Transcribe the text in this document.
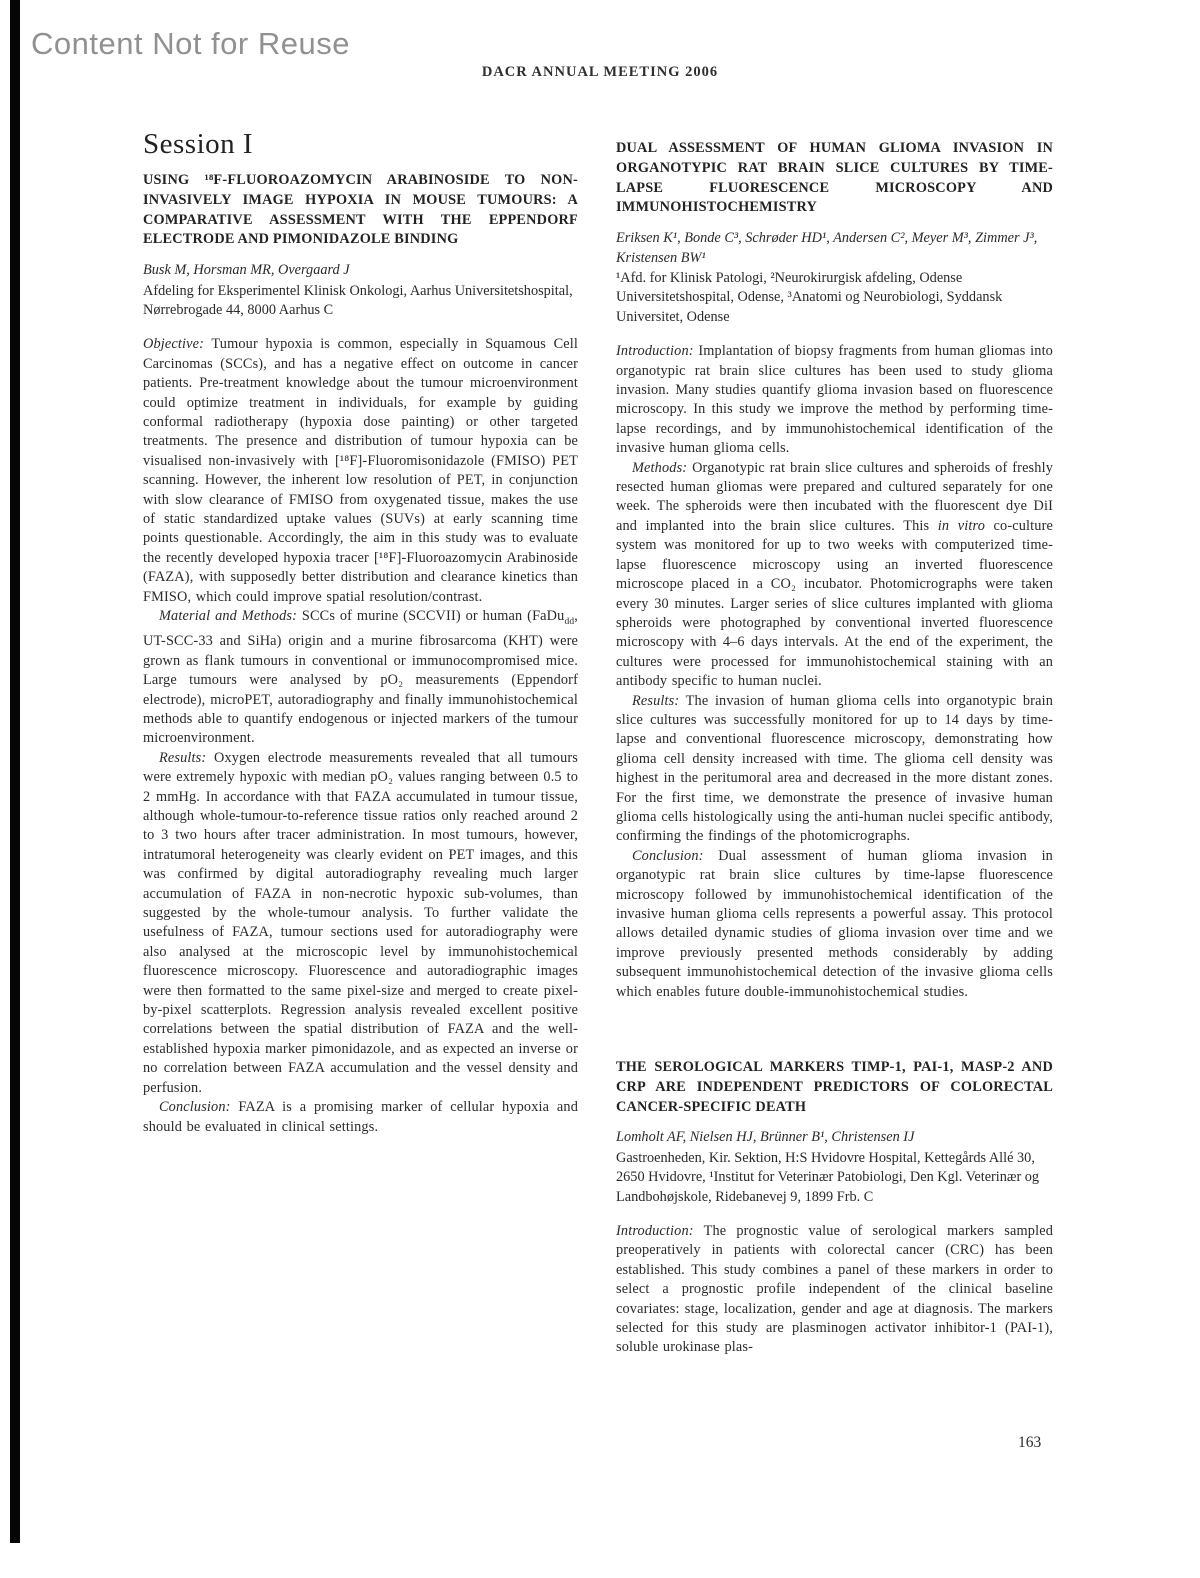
Content Not for Reuse
DACR ANNUAL MEETING 2006
Session I
USING ¹⁸F-FLUOROAZOMYCIN ARABINOSIDE TO NON-INVASIVELY IMAGE HYPOXIA IN MOUSE TUMOURS: A COMPARATIVE ASSESSMENT WITH THE EPPENDORF ELECTRODE AND PIMONIDAZOLE BINDING

Busk M, Horsman MR, Overgaard J

Afdeling for Eksperimentel Klinisk Onkologi, Aarhus Universitetshospital, Nørrebrogade 44, 8000 Aarhus C

Objective: Tumour hypoxia is common, especially in Squamous Cell Carcinomas (SCCs), and has a negative effect on outcome in cancer patients. Pre-treatment knowledge about the tumour microenvironment could optimize treatment in individuals, for example by guiding conformal radiotherapy (hypoxia dose painting) or other targeted treatments. The presence and distribution of tumour hypoxia can be visualised non-invasively with [¹⁸F]-Fluoromisonidazole (FMISO) PET scanning. However, the inherent low resolution of PET, in conjunction with slow clearance of FMISO from oxygenated tissue, makes the use of static standardized uptake values (SUVs) at early scanning time points questionable. Accordingly, the aim in this study was to evaluate the recently developed hypoxia tracer [¹⁸F]-Fluoroazomycin Arabinoside (FAZA), with supposedly better distribution and clearance kinetics than FMISO, which could improve spatial resolution/contrast.

Material and Methods: SCCs of murine (SCCVII) or human (FaDu$_{dd}$, UT-SCC-33 and SiHa) origin and a murine fibrosarcoma (KHT) were grown as flank tumours in conventional or immunocompromised mice. Large tumours were analysed by pO₂ measurements (Eppendorf electrode), microPET, autoradiography and finally immunohistochemical methods able to quantify endogenous or injected markers of the tumour microenvironment.

Results: Oxygen electrode measurements revealed that all tumours were extremely hypoxic with median pO₂ values ranging between 0.5 to 2 mmHg. In accordance with that FAZA accumulated in tumour tissue, although whole-tumour-to-reference tissue ratios only reached around 2 to 3 two hours after tracer administration. In most tumours, however, intratumoral heterogeneity was clearly evident on PET images, and this was confirmed by digital autoradiography revealing much larger accumulation of FAZA in non-necrotic hypoxic sub-volumes, than suggested by the whole-tumour analysis. To further validate the usefulness of FAZA, tumour sections used for autoradiography were also analysed at the microscopic level by immunohistochemical fluorescence microscopy. Fluorescence and autoradiographic images were then formatted to the same pixel-size and merged to create pixel-by-pixel scatterplots. Regression analysis revealed excellent positive correlations between the spatial distribution of FAZA and the well-established hypoxia marker pimonidazole, and as expected an inverse or no correlation between FAZA accumulation and the vessel density and perfusion.

Conclusion: FAZA is a promising marker of cellular hypoxia and should be evaluated in clinical settings.

DUAL ASSESSMENT OF HUMAN GLIOMA INVASION IN ORGANOTYPIC RAT BRAIN SLICE CULTURES BY TIME-LAPSE FLUORESCENCE MICROSCOPY AND IMMUNOHISTOCHEMISTRY

Eriksen K¹, Bonde C³, Schrøder HD¹, Andersen C², Meyer M³, Zimmer J³, Kristensen BW¹

¹Afd. for Klinisk Patologi, ²Neurokirurgisk afdeling, Odense Universitetshospital, Odense, ³Anatomi og Neurobiologi, Syddansk Universitet, Odense

Introduction: Implantation of biopsy fragments from human gliomas into organotypic rat brain slice cultures has been used to study glioma invasion. Many studies quantify glioma invasion based on fluorescence microscopy. In this study we improve the method by performing time-lapse recordings, and by immunohistochemical identification of the invasive human glioma cells.

Methods: Organotypic rat brain slice cultures and spheroids of freshly resected human gliomas were prepared and cultured separately for one week. The spheroids were then incubated with the fluorescent dye DiI and implanted into the brain slice cultures. This in vitro co-culture system was monitored for up to two weeks with computerized time-lapse fluorescence microscopy using an inverted fluorescence microscope placed in a CO₂ incubator. Photomicrographs were taken every 30 minutes. Larger series of slice cultures implanted with glioma spheroids were photographed by conventional inverted fluorescence microscopy with 4–6 days intervals. At the end of the experiment, the cultures were processed for immunohistochemical staining with an antibody specific to human nuclei.

Results: The invasion of human glioma cells into organotypic brain slice cultures was successfully monitored for up to 14 days by time-lapse and conventional fluorescence microscopy, demonstrating how glioma cell density increased with time. The glioma cell density was highest in the peritumoral area and decreased in the more distant zones. For the first time, we demonstrate the presence of invasive human glioma cells histologically using the anti-human nuclei specific antibody, confirming the findings of the photomicrographs.

Conclusion: Dual assessment of human glioma invasion in organotypic rat brain slice cultures by time-lapse fluorescence microscopy followed by immunohistochemical identification of the invasive human glioma cells represents a powerful assay. This protocol allows detailed dynamic studies of glioma invasion over time and we improve previously presented methods considerably by adding subsequent immunohistochemical detection of the invasive glioma cells which enables future double-immunohistochemical studies.

THE SEROLOGICAL MARKERS TIMP-1, PAI-1, MASP-2 AND CRP ARE INDEPENDENT PREDICTORS OF COLORECTAL CANCER-SPECIFIC DEATH

Lomholt AF, Nielsen HJ, Brünner B¹, Christensen IJ

Gastroenheden, Kir. Sektion, H:S Hvidovre Hospital, Kettegårds Allé 30, 2650 Hvidovre, ¹Institut for Veterinær Patobiologi, Den Kgl. Veterinær og Landbohøjskole, Ridebanevej 9, 1899 Frb. C

Introduction: The prognostic value of serological markers sampled preoperatively in patients with colorectal cancer (CRC) has been established. This study combines a panel of these markers in order to select a prognostic profile independent of the clinical baseline covariates: stage, localization, gender and age at diagnosis. The markers selected for this study are plasminogen activator inhibitor-1 (PAI-1), soluble urokinase plas-

163
